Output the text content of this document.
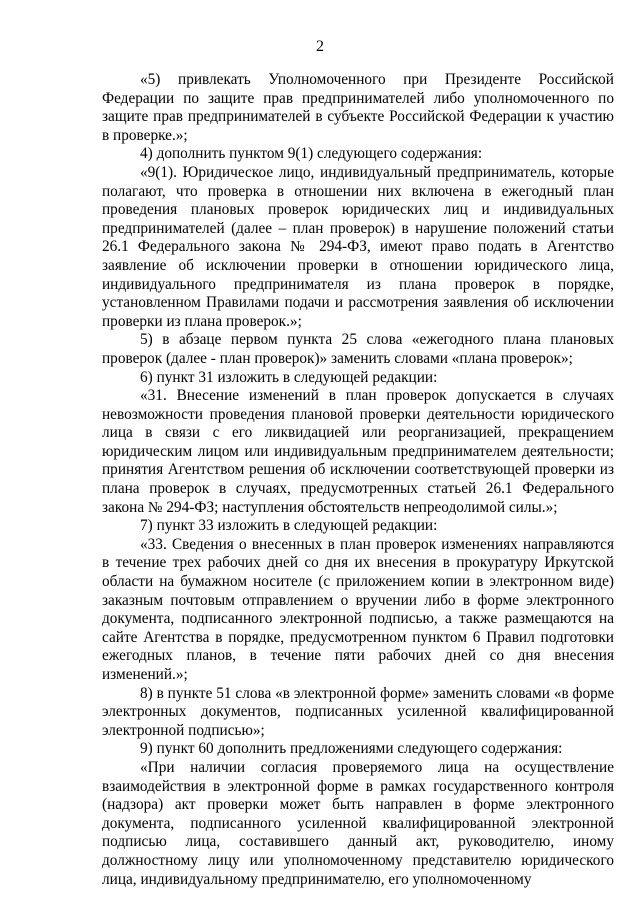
2

«5) привлекать Уполномоченного при Президенте Российской Федерации по защите прав предпринимателей либо уполномоченного по защите прав предпринимателей в субъекте Российской Федерации к участию в проверке.»;

4) дополнить пунктом 9(1) следующего содержания:

«9(1). Юридическое лицо, индивидуальный предприниматель, которые полагают, что проверка в отношении них включена в ежегодный план проведения плановых проверок юридических лиц и индивидуальных предпринимателей (далее – план проверок) в нарушение положений статьи 26.1 Федерального закона № 294-ФЗ, имеют право подать в Агентство заявление об исключении проверки в отношении юридического лица, индивидуального предпринимателя из плана проверок в порядке, установленном Правилами подачи и рассмотрения заявления об исключении проверки из плана проверок.»;

5) в абзаце первом пункта 25 слова «ежегодного плана плановых проверок (далее - план проверок)» заменить словами «плана проверок»;

6) пункт 31 изложить в следующей редакции:

«31. Внесение изменений в план проверок допускается в случаях невозможности проведения плановой проверки деятельности юридического лица в связи с его ликвидацией или реорганизацией, прекращением юридическим лицом или индивидуальным предпринимателем деятельности; принятия Агентством решения об исключении соответствующей проверки из плана проверок в случаях, предусмотренных статьей 26.1 Федерального закона № 294-ФЗ; наступления обстоятельств непреодолимой силы.»;

7) пункт 33 изложить в следующей редакции:

«33. Сведения о внесенных в план проверок изменениях направляются в течение трех рабочих дней со дня их внесения в прокуратуру Иркутской области на бумажном носителе (с приложением копии в электронном виде) заказным почтовым отправлением о вручении либо в форме электронного документа, подписанного электронной подписью, а также размещаются на сайте Агентства в порядке, предусмотренном пунктом 6 Правил подготовки ежегодных планов, в течение пяти рабочих дней со дня внесения изменений.»;

8) в пункте 51 слова «в электронной форме» заменить словами «в форме электронных документов, подписанных усиленной квалифицированной электронной подписью»;

9) пункт 60 дополнить предложениями следующего содержания:

«При наличии согласия проверяемого лица на осуществление взаимодействия в электронной форме в рамках государственного контроля (надзора) акт проверки может быть направлен в форме электронного документа, подписанного усиленной квалифицированной электронной подписью лица, составившего данный акт, руководителю, иному должностному лицу или уполномоченному представителю юридического лица, индивидуальному предпринимателю, его уполномоченному
